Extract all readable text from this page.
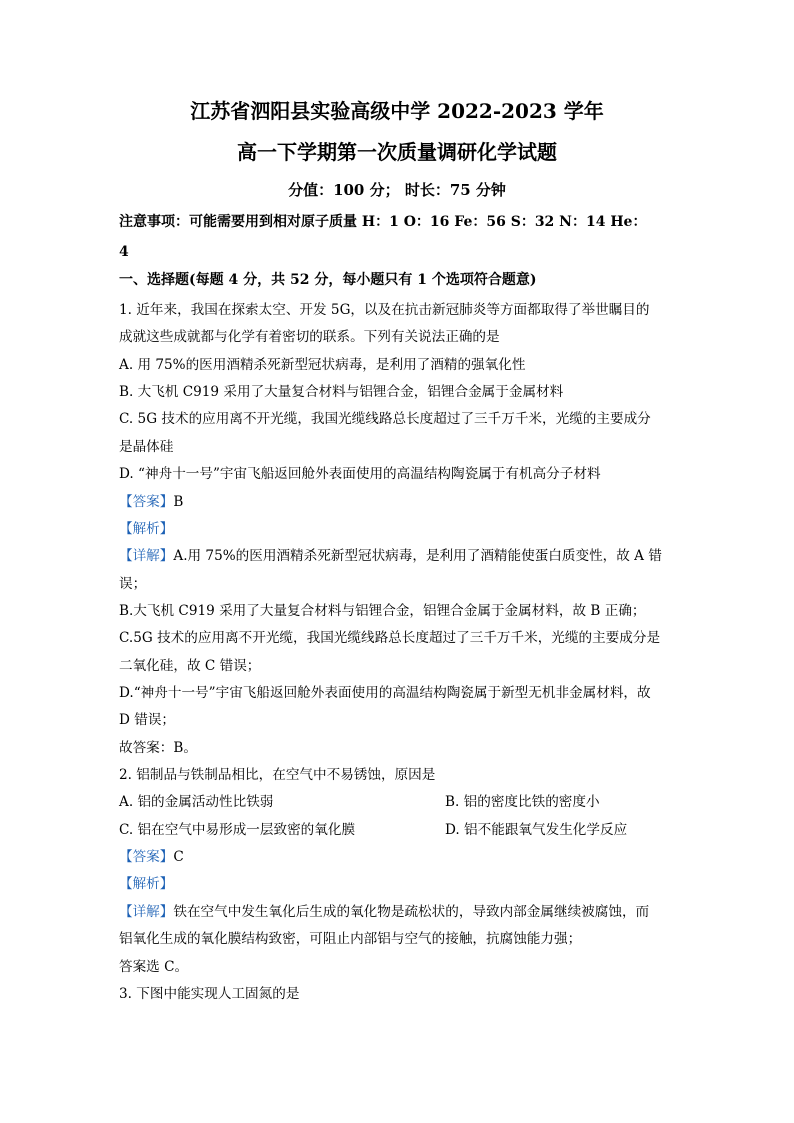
江苏省泗阳县实验高级中学 2022-2023 学年
高一下学期第一次质量调研化学试题
分值：100 分； 时长：75 分钟
注意事项：可能需要用到相对原子质量 H：1 O：16 Fe：56 S：32 N：14 He：
4
一、选择题(每题 4 分，共 52 分，每小题只有 1 个选项符合题意)
1. 近年来，我国在探索太空、开发 5G，以及在抗击新冠肺炎等方面都取得了举世瞩目的
成就这些成就都与化学有着密切的联系。下列有关说法正确的是
A. 用 75%的医用酒精杀死新型冠状病毒，是利用了酒精的强氧化性
B. 大飞机 C919 采用了大量复合材料与铝锂合金，铝锂合金属于金属材料
C. 5G 技术的应用离不开光缆，我国光缆线路总长度超过了三千万千米，光缆的主要成分
是晶体硅
D. “神舟十一号”宇宙飞船返回舱外表面使用的高温结构陶瓷属于有机高分子材料
【答案】B
【解析】
【详解】A.用 75%的医用酒精杀死新型冠状病毒，是利用了酒精能使蛋白质变性，故 A 错
误；
B.大飞机 C919 采用了大量复合材料与铝锂合金，铝锂合金属于金属材料，故 B 正确；
C.5G 技术的应用离不开光缆，我国光缆线路总长度超过了三千万千米，光缆的主要成分是
二氧化硅，故 C 错误；
D.“神舟十一号”宇宙飞船返回舱外表面使用的高温结构陶瓷属于新型无机非金属材料，故
D 错误；
故答案：B。
2. 铝制品与铁制品相比，在空气中不易锈蚀，原因是
A. 铝的金属活动性比铁弱	B. 铝的密度比铁的密度小
C. 铝在空气中易形成一层致密的氧化膜	D. 铝不能跟氧气发生化学反应
【答案】C
【解析】
【详解】铁在空气中发生氧化后生成的氧化物是疏松状的，导致内部金属继续被腐蚀，而
铝氧化生成的氧化膜结构致密，可阻止内部铝与空气的接触，抗腐蚀能力强；
答案选 C。
3. 下图中能实现人工固氮的是
